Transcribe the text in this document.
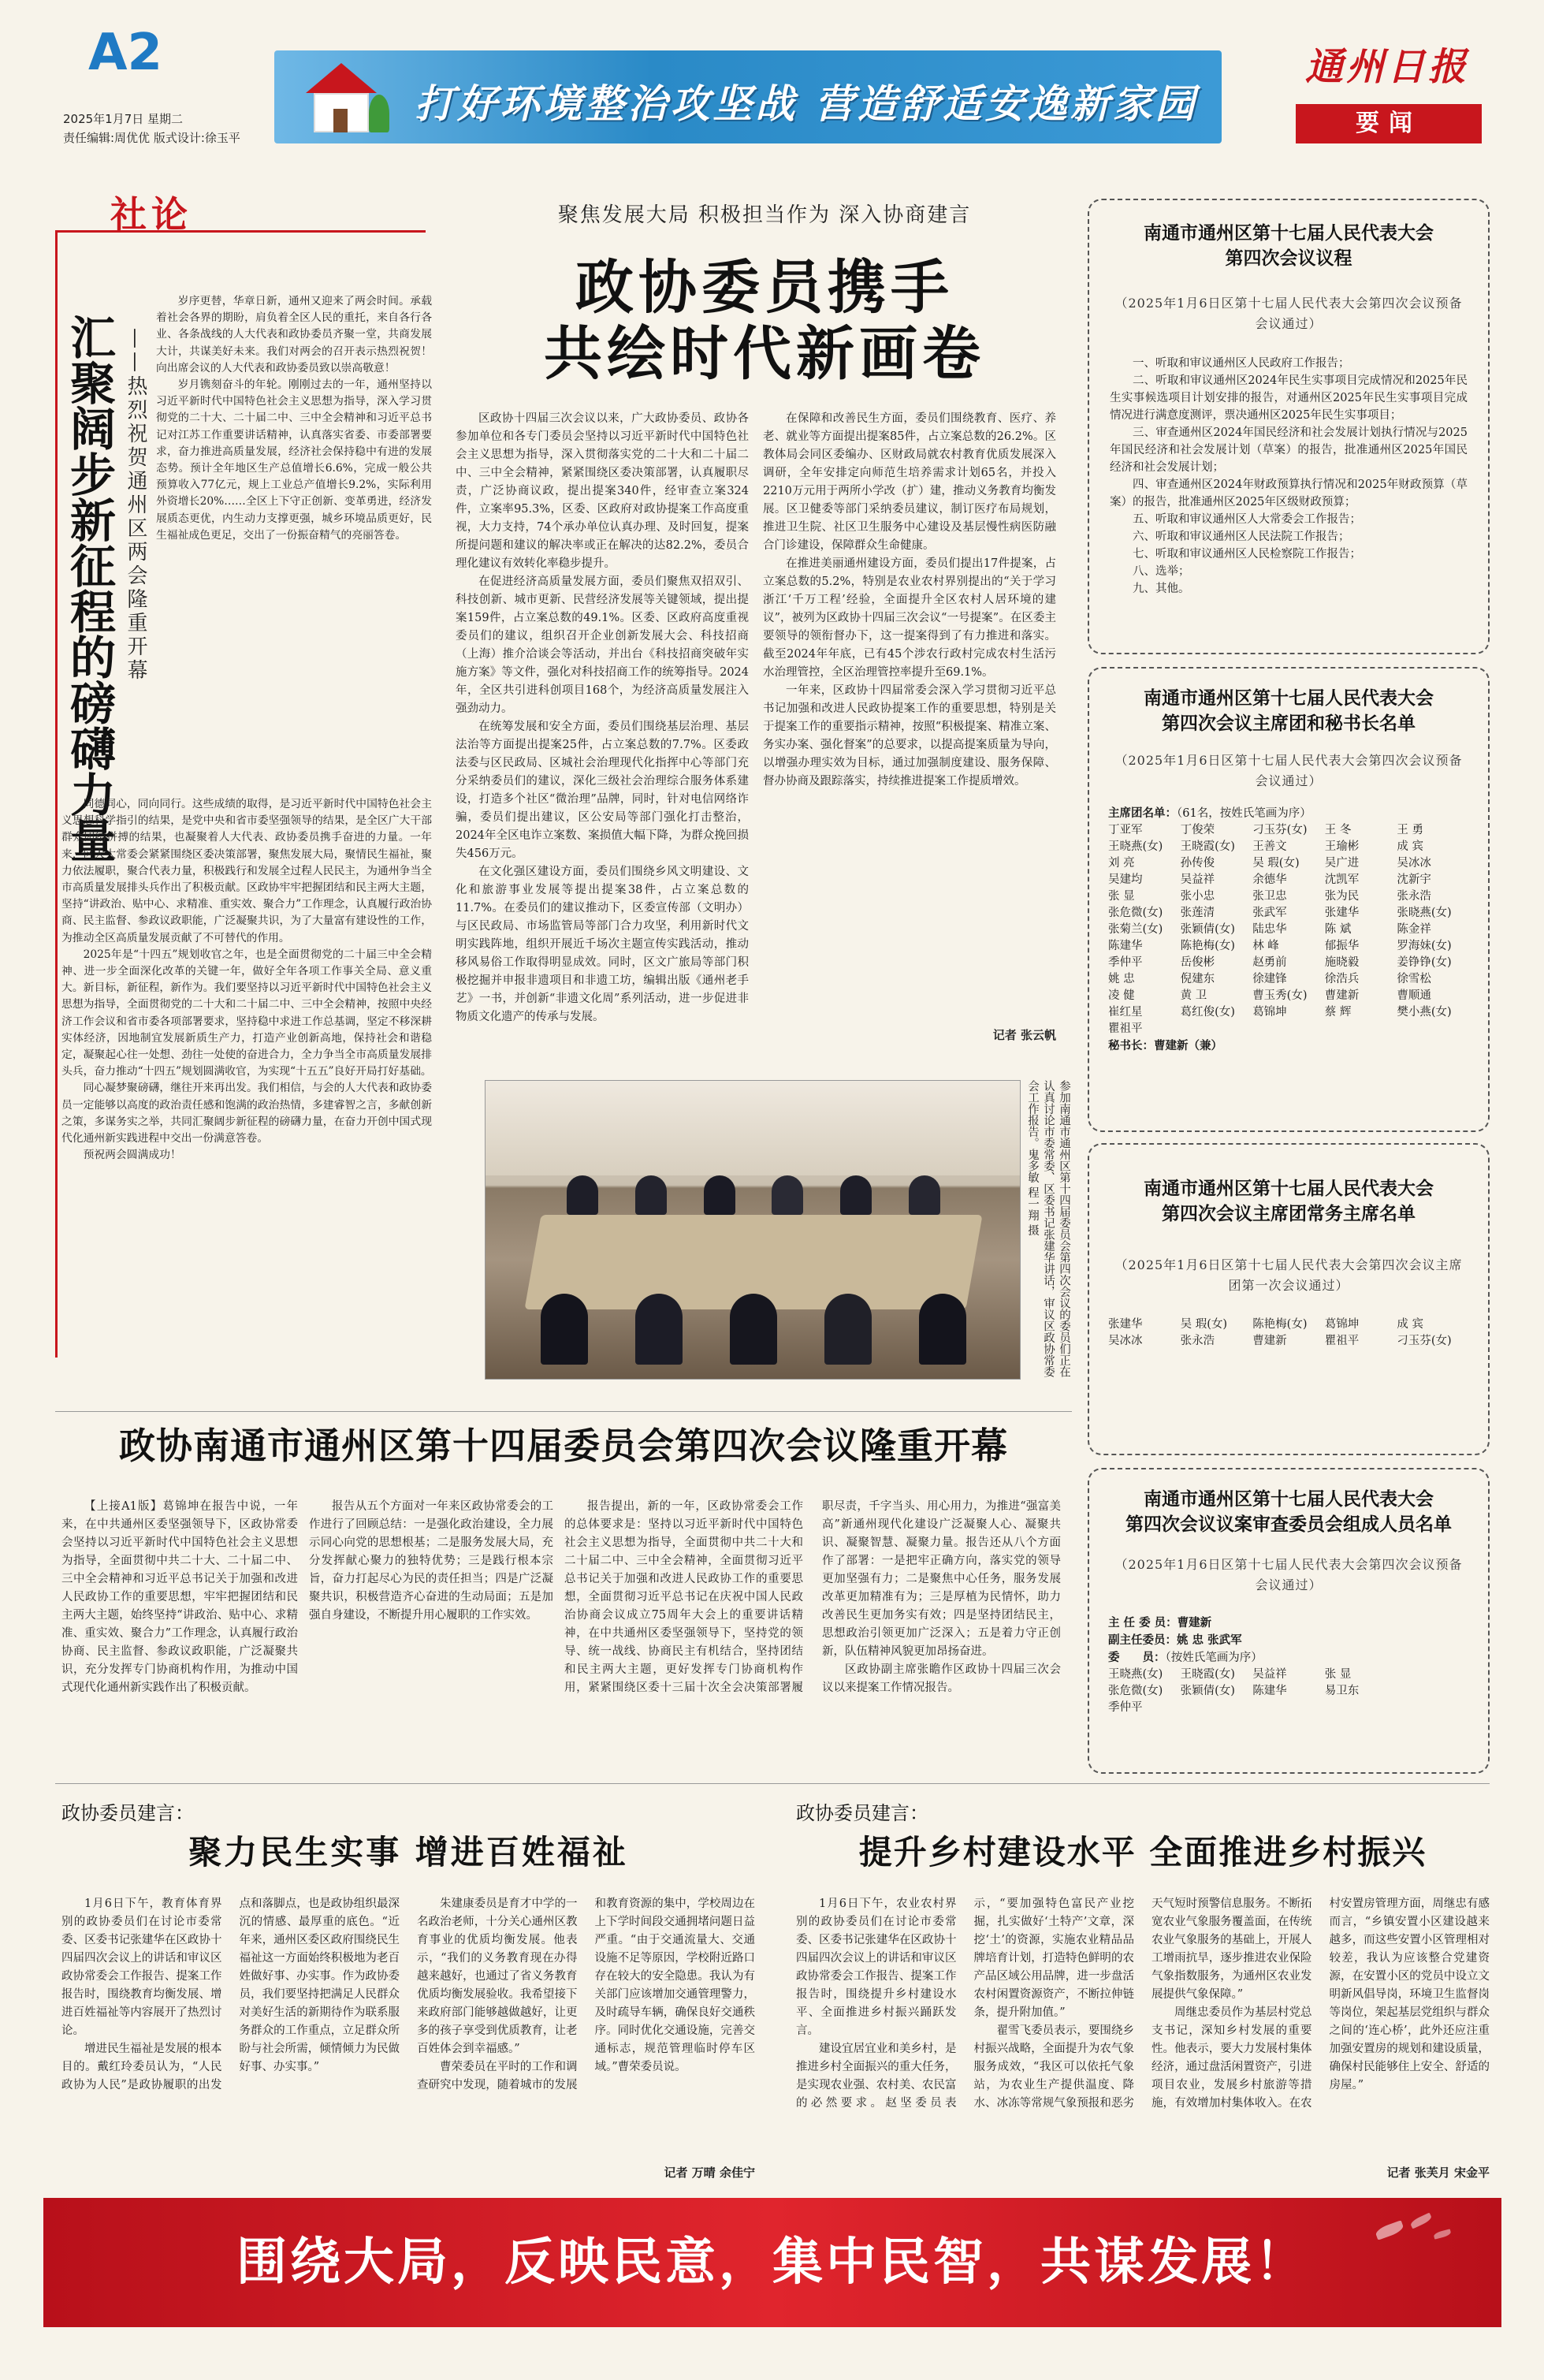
A2
2025年1月7日 星期二
责任编辑:周优优 版式设计:徐玉平
打好环境整治攻坚战 营造舒适安逸新家园
通州日报
要闻
社论
汇聚阔步新征程的磅礴力量 ——热烈祝贺通州区两会隆重开幕

岁序更替，华章日新，通州又迎来了两会时间。承载着社会各界的期盼，肩负着全区人民的重托，来自各行各业、各条战线的人大代表和政协委员齐聚一堂，共商发展大计，共谋美好未来。我们对两会的召开表示热烈祝贺！向出席会议的人大代表和政协委员致以崇高敬意！

岁月镌刻奋斗的年轮。刚刚过去的一年，通州坚持以习近平新时代中国特色社会主义思想为指导，深入学习贯彻党的二十大、二十届二中、三中全会精神和习近平总书记对江苏工作重要讲话精神，认真落实省委、市委部署要求，奋力推进高质量发展，经济社会保持稳中有进的发展态势。预计全年地区生产总值增长6.6%，完成一般公共预算收入77亿元，规上工业总产值增长9.2%，实际利用外资增长20%……全区上下守正创新、变革勇进，经济发展质态更优，内生动力支撑更强，城乡环境品质更好，民生福祉成色更足，交出了一份振奋精气的亮丽答卷。

同德同心，同向同行。这些成绩的取得，是习近平新时代中国特色社会主义思想科学指引的结果，是党中央和省市委坚强领导的结果，是全区广大干部群众团结拼搏的结果，也凝聚着人大代表、政协委员携手奋进的力量。一年来，区人大常委会紧紧围绕区委决策部署，聚焦发展大局，聚情民生福祉，聚力依法履职，聚合代表力量，积极践行和发展全过程人民民主，为通州争当全市高质量发展排头兵作出了积极贡献。区政协牢牢把握团结和民主两大主题，坚持“讲政治、贴中心、求精准、重实效、聚合力”工作理念，认真履行政治协商、民主监督、参政议政职能，广泛凝聚共识，为了大量富有建设性的工作，为推动全区高质量发展贡献了不可替代的作用。

2025年是“十四五”规划收官之年，也是全面贯彻党的二十届三中全会精神、进一步全面深化改革的关键一年，做好全年各项工作事关全局、意义重大。新目标，新征程，新作为。我们要坚持以习近平新时代中国特色社会主义思想为指导，全面贯彻党的二十大和二十届二中、三中全会精神，按照中央经济工作会议和省市委各项部署要求，坚持稳中求进工作总基调，坚定不移深耕实体经济，因地制宜发展新质生产力，打造产业创新高地，保持社会和谐稳定，凝聚起心往一处想、劲往一处使的奋进合力，全力争当全市高质量发展排头兵，奋力推动“十四五”规划圆满收官，为实现“十五五”良好开局打好基础。

同心凝梦聚磅礴，继往开来再出发。我们相信，与会的人大代表和政协委员一定能够以高度的政治责任感和饱满的政治热情，多建睿智之言，多献创新之策，多谋务实之举，共同汇聚阔步新征程的磅礴力量，在奋力开创中国式现代化通州新实践进程中交出一份满意答卷。

预祝两会圆满成功！

聚焦发展大局 积极担当作为 深入协商建言
政协委员携手
共绘时代新画卷

区政协十四届三次会议以来，广大政协委员、政协各参加单位和各专门委员会坚持以习近平新时代中国特色社会主义思想为指导，深入贯彻落实党的二十大和二十届二中、三中全会精神，紧紧围绕区委决策部署，认真履职尽责，广泛协商议政，提出提案340件，经审查立案324件，立案率95.3%，区委、区政府对政协提案工作高度重视，大力支持，74个承办单位认真办理、及时回复，提案所提问题和建议的解决率或正在解决的达82.2%，委员合理化建议有效转化率稳步提升。

在促进经济高质量发展方面，委员们聚焦双招双引、科技创新、城市更新、民营经济发展等关键领域，提出提案159件，占立案总数的49.1%。区委、区政府高度重视委员们的建议，组织召开企业创新发展大会、科技招商（上海）推介洽谈会等活动，并出台《科技招商突破年实施方案》等文件，强化对科技招商工作的统筹指导。2024年，全区共引进科创项目168个，为经济高质量发展注入强劲动力。

在统筹发展和安全方面，委员们围绕基层治理、基层法治等方面提出提案25件，占立案总数的7.7%。区委政法委与区民政局、区城社会治理现代化指挥中心等部门充分采纳委员们的建议，深化三级社会治理综合服务体系建设，打造多个社区“微治理”品牌，同时，针对电信网络诈骗，委员们提出建议，区公安局等部门强化打击整治，2024年全区电诈立案数、案损值大幅下降，为群众挽回损失456万元。

在文化强区建设方面，委员们围绕乡风文明建设、文化和旅游事业发展等提出提案38件，占立案总数的11.7%。在委员们的建议推动下，区委宣传部（文明办）与区民政局、市场监管局等部门合力攻坚，利用新时代文明实践阵地，组织开展近千场次主题宣传实践活动，推动移风易俗工作取得明显成效。同时，区文广旅局等部门积极挖掘并申报非遗项目和非遗工坊，编辑出版《通州老手艺》一书，并创新“非遗文化周”系列活动，进一步促进非物质文化遗产的传承与发展。

在保障和改善民生方面，委员们围绕教育、医疗、养老、就业等方面提出提案85件，占立案总数的26.2%。区教体局会同区委编办、区财政局就农村教育优质发展深入调研，全年安排定向师范生培养需求计划65名，并投入2210万元用于两所小学改（扩）建，推动义务教育均衡发展。区卫健委等部门采纳委员建议，制订医疗布局规划，推进卫生院、社区卫生服务中心建设及基层慢性病医防融合门诊建设，保障群众生命健康。

在推进美丽通州建设方面，委员们提出17件提案，占立案总数的5.2%，特别是农业农村界别提出的“关于学习浙江‘千万工程’经验，全面提升全区农村人居环境的建议”，被列为区政协十四届三次会议“一号提案”。在区委主要领导的领衔督办下，这一提案得到了有力推进和落实。截至2024年年底，已有45个涉农行政村完成农村生活污水治理管控，全区治理管控率提升至69.1%。

一年来，区政协十四届常委会深入学习贯彻习近平总书记加强和改进人民政协提案工作的重要思想，特别是关于提案工作的重要指示精神，按照“积极提案、精准立案、务实办案、强化督案”的总要求，以提高提案质量为导向，以增强办理实效为目标，通过加强制度建设、服务保障、督办协商及跟踪落实，持续推进提案工作提质增效。

记者 张云帆
参加南通市通州区第十四届委员会第四次会议的委员们正在认真讨论市委常委、区委书记张建华讲话，审议区政协常委会工作报告。鬼多敏 程一翔 摄
南通市通州区第十七届人民代表大会
第四次会议议程
（2025年1月6日区第十七届人民代表大会第四次会议预备会议通过）

一、听取和审议通州区人民政府工作报告；

二、听取和审议通州区2024年民生实事项目完成情况和2025年民生实事候选项目计划安排的报告，对通州区2025年民生实事项目完成情况进行满意度测评，票决通州区2025年民生实事项目；

三、审查通州区2024年国民经济和社会发展计划执行情况与2025年国民经济和社会发展计划（草案）的报告，批准通州区2025年国民经济和社会发展计划；

四、审查通州区2024年财政预算执行情况和2025年财政预算（草案）的报告，批准通州区2025年区级财政预算；

五、听取和审议通州区人大常委会工作报告；

六、听取和审议通州区人民法院工作报告；

七、听取和审议通州区人民检察院工作报告；

八、选举；

九、其他。

南通市通州区第十七届人民代表大会
第四次会议主席团和秘书长名单
（2025年1月6日区第十七届人民代表大会第四次会议预备会议通过）
主席团名单：（61名，按姓氏笔画为序）
丁亚军	丁俊荣	刁玉芬(女)	王 冬	王 勇
王晓燕(女)	王晓霞(女)	王善文	王瑜彬	成 宾
刘 亮	孙传俊	吴 瑕(女)	吴广进	吴冰冰
吴建均	吴益祥	余德华	沈凯军	沈新宇
张 显	张小忠	张卫忠	张为民	张永浩
张危微(女)	张莲清	张武军	张建华	张晓燕(女)
张菊兰(女)	张颖倩(女)	陆忠华	陈 斌	陈金祥
陈建华	陈艳梅(女)	林 峰	郁振华	罗海妹(女)
季仲平	岳俊彬	赵勇前	施晓毅	姜铮铮(女)
姚 忠	倪建东	徐建锋	徐浩兵	徐雪松
凌 健	黄 卫	曹玉秀(女)	曹建新	曹顺通
崔红星	葛红俊(女)	葛锦坤	蔡 辉	樊小燕(女)
瞿祖平
秘书长：曹建新（兼）
南通市通州区第十七届人民代表大会
第四次会议主席团常务主席名单
（2025年1月6日区第十七届人民代表大会第四次会议主席团第一次会议通过）
张建华	吴 瑕(女)	陈艳梅(女)	葛锦坤	成 宾
吴冰冰	张永浩	曹建新	瞿祖平	刁玉芬(女)
南通市通州区第十七届人民代表大会
第四次会议议案审查委员会组成人员名单
（2025年1月6日区第十七届人民代表大会第四次会议预备会议通过）
主 任 委 员：曹建新
副主任委员：姚 忠 张武军
委　　员：（按姓氏笔画为序）
王晓燕(女)	王晓霞(女)	吴益祥	张 显
张危微(女)	张颖倩(女)	陈建华	易卫东
季仲平
政协南通市通州区第十四届委员会第四次会议隆重开幕

【上接A1版】葛锦坤在报告中说，一年来，在中共通州区委坚强领导下，区政协常委会坚持以习近平新时代中国特色社会主义思想为指导，全面贯彻中共二十大、二十届二中、三中全会精神和习近平总书记关于加强和改进人民政协工作的重要思想，牢牢把握团结和民主两大主题，始终坚持“讲政治、贴中心、求精准、重实效、聚合力”工作理念，认真履行政治协商、民主监督、参政议政职能，广泛凝聚共识，充分发挥专门协商机构作用，为推动中国式现代化通州新实践作出了积极贡献。

报告从五个方面对一年来区政协常委会的工作进行了回顾总结：一是强化政治建设，全力展示同心向党的思想根基；二是服务发展大局，充分发挥献心聚力的独特优势；三是践行根本宗旨，奋力打起尽心为民的责任担当；四是广泛凝聚共识，积极营造齐心奋进的生动局面；五是加强自身建设，不断提升用心履职的工作实效。

报告提出，新的一年，区政协常委会工作的总体要求是：坚持以习近平新时代中国特色社会主义思想为指导，全面贯彻中共二十大和二十届二中、三中全会精神，全面贯彻习近平总书记关于加强和改进人民政协工作的重要思想，全面贯彻习近平总书记在庆祝中国人民政治协商会议成立75周年大会上的重要讲话精神，在中共通州区委坚强领导下，坚持党的领导、统一战线、协商民主有机结合，坚持团结和民主两大主题，更好发挥专门协商机构作用，紧紧围绕区委十三届十次全会决策部署履职尽责，千字当头、用心用力，为推进“强富美高”新通州现代化建设广泛凝聚人心、凝聚共识、凝聚智慧、凝聚力量。报告还从八个方面作了部署：一是把牢正确方向，落实党的领导更加坚强有力；二是聚焦中心任务，服务发展改革更加精准有为；三是厚植为民情怀，助力改善民生更加务实有效；四是坚持团结民主，思想政治引领更加广泛深入；五是着力守正创新，队伍精神风貌更加昂扬奋进。

区政协副主席张瞻作区政协十四届三次会议以来提案工作情况报告。

政协委员建言：
聚力民生实事 增进百姓福祉

1月6日下午，教育体育界别的政协委员们在讨论市委常委、区委书记张建华在区政协十四届四次会议上的讲话和审议区政协常委会工作报告、提案工作报告时，围绕教育均衡发展、增进百姓福祉等内容展开了热烈讨论。

增进民生福祉是发展的根本目的。戴红玲委员认为，“人民政协为人民”是政协履职的出发点和落脚点，也是政协组织最深沉的情感、最厚重的底色。“近年来，通州区委区政府围绕民生福祉这一方面始终积极地为老百姓做好事、办实事。作为政协委员，我们要坚持把满足人民群众对美好生活的新期待作为联系服务群众的工作重点，立足群众所盼与社会所需，倾情倾力为民做好事、办实事。”

朱建康委员是育才中学的一名政治老师，十分关心通州区教育事业的优质均衡发展。他表示，“我们的义务教育现在办得越来越好，也通过了省义务教育优质均衡发展验收。我希望接下来政府部门能够越做越好，让更多的孩子享受到优质教育，让老百姓体会到幸福感。”

曹荣委员在平时的工作和调查研究中发现，随着城市的发展和教育资源的集中，学校周边在上下学时间段交通拥堵问题日益严重。“由于交通流量大、交通设施不足等原因，学校附近路口存在较大的安全隐患。我认为有关部门应该增加交通管理警力，及时疏导车辆，确保良好交通秩序。同时优化交通设施，完善交通标志，规范管理临时停车区域。”曹荣委员说。

记者 万晴 余佳宁
政协委员建言：
提升乡村建设水平 全面推进乡村振兴

1月6日下午，农业农村界别的政协委员们在讨论市委常委、区委书记张建华在区政协十四届四次会议上的讲话和审议区政协常委会工作报告、提案工作报告时，围绕提升乡村建设水平、全面推进乡村振兴踊跃发言。

建设宜居宜业和美乡村，是推进乡村全面振兴的重大任务，是实现农业强、农村美、农民富的必然要求。赵坚委员表示，“要加强特色富民产业挖掘，扎实做好‘土特产’文章，深挖‘土’的资源，实施农业精品品牌培育计划，打造特色鲜明的农产品区域公用品牌，进一步盘活农村闲置资源资产，不断拉伸链条，提升附加值。”

翟雪飞委员表示，要围绕乡村振兴战略，全面提升为农气象服务成效，“我区可以依托气象站，为农业生产提供温度、降水、冰冻等常规气象预报和恶劣天气短时预警信息服务。不断拓宽农业气象服务覆盖面，在传统农业气象服务的基础上，开展人工增雨抗旱，逐步推进农业保险气象指数服务，为通州区农业发展提供气象保障。”

周继忠委员作为基层村党总支书记，深知乡村发展的重要性。他表示，要大力发展村集体经济，通过盘活闲置资产，引进项目农业，发展乡村旅游等措施，有效增加村集体收入。在农村安置房管理方面，周继忠有感而言，“乡镇安置小区建设越来越多，而这些安置小区管理相对较差，我认为应该整合党建资源，在安置小区的党员中设立文明新风倡导岗，环境卫生监督岗等岗位，架起基层党组织与群众之间的‘连心桥’，此外还应注重加强安置房的规划和建设质量，确保村民能够住上安全、舒适的房屋。”

记者 张芙月 宋金平
围绕大局，反映民意，集中民智，共谋发展！
